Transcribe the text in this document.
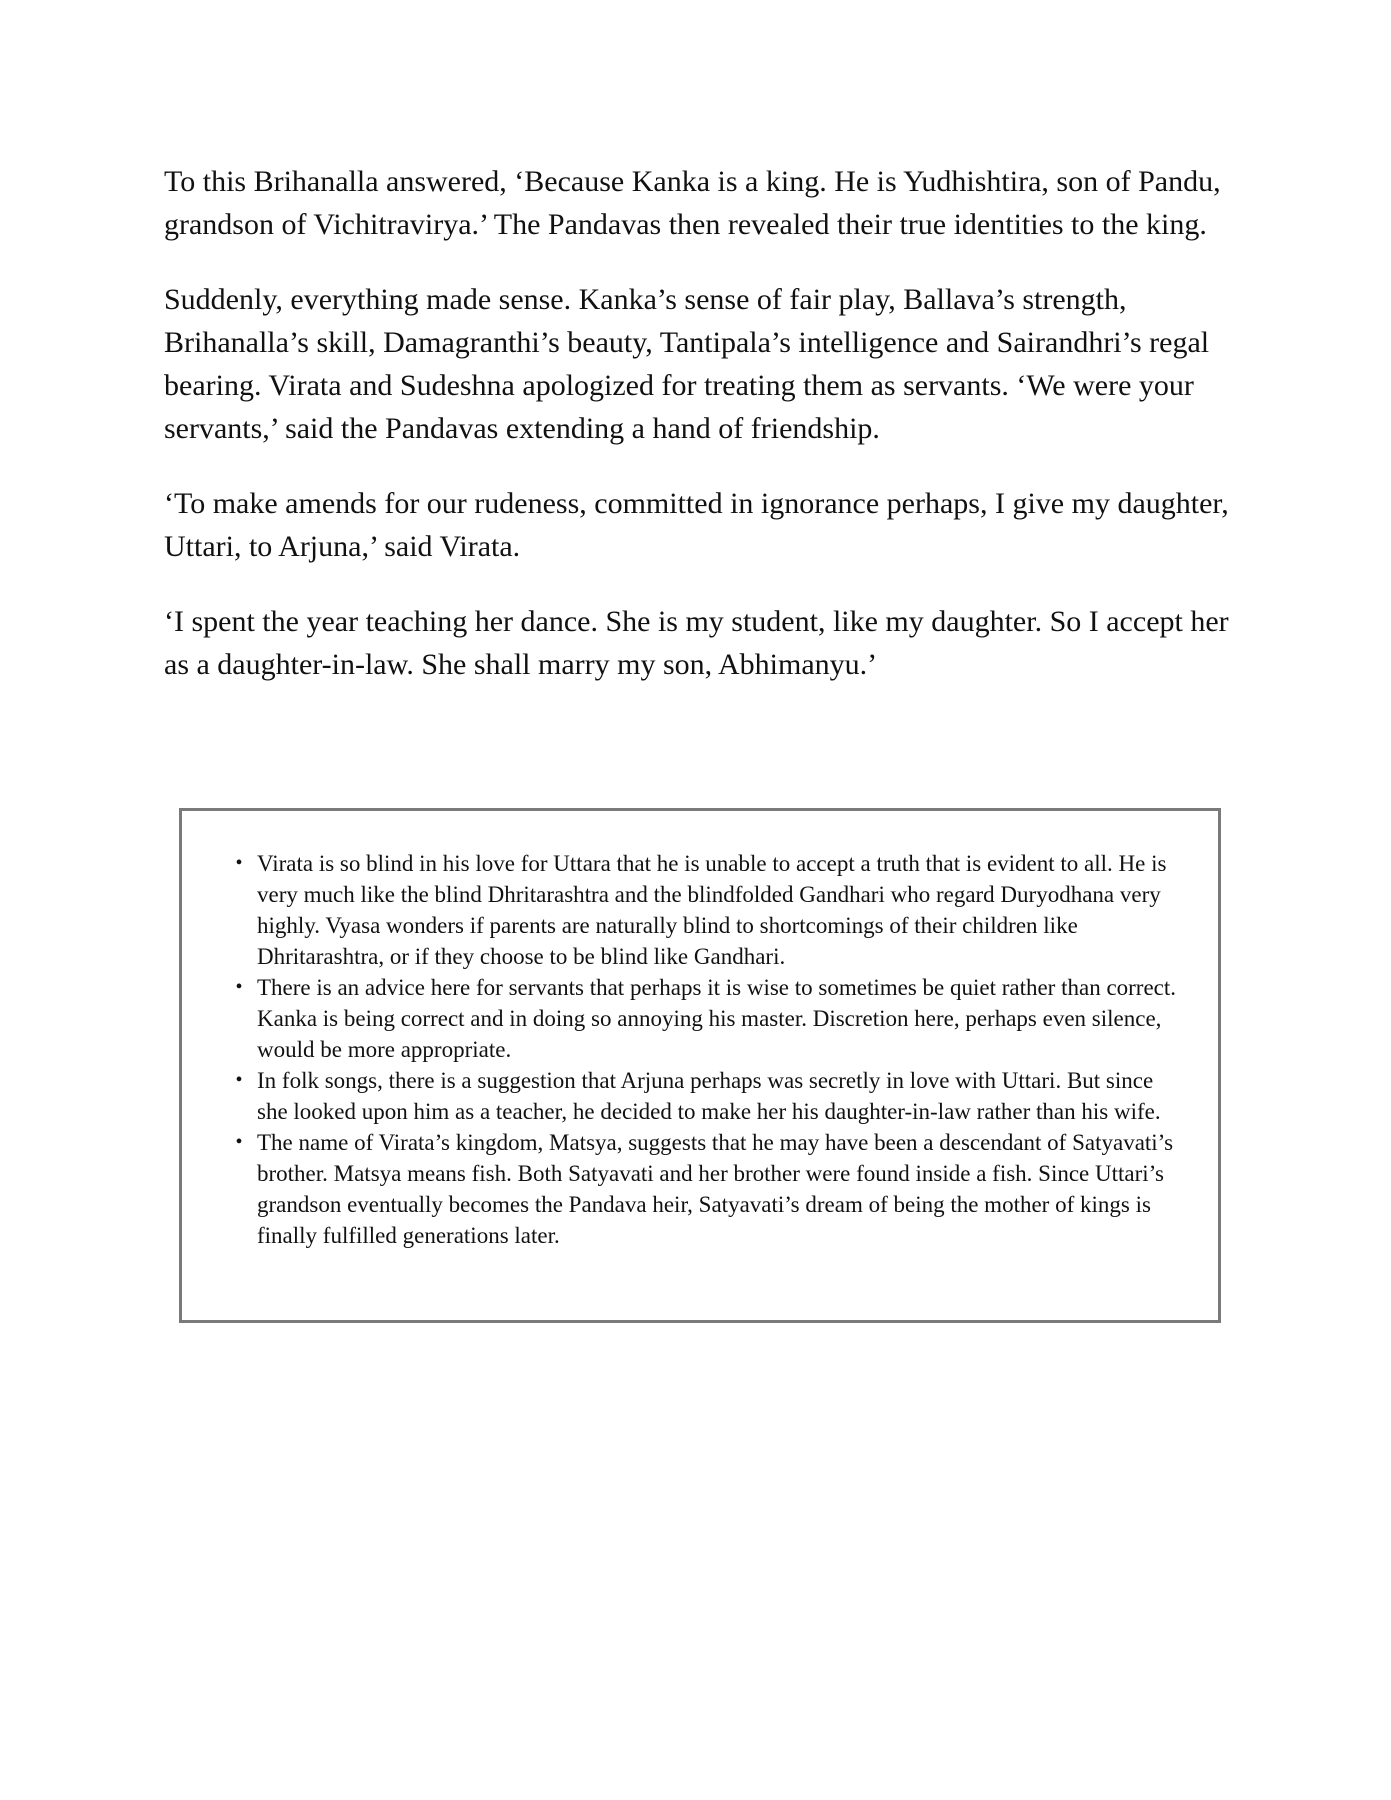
To this Brihanalla answered, ‘Because Kanka is a king. He is Yudhishtira, son of Pandu, grandson of Vichitravirya.’ The Pandavas then revealed their true identities to the king.

Suddenly, everything made sense. Kanka’s sense of fair play, Ballava’s strength, Brihanalla’s skill, Damagranthi’s beauty, Tantipala’s intelligence and Sairandhri’s regal bearing. Virata and Sudeshna apologized for treating them as servants. ‘We were your servants,’ said the Pandavas extending a hand of friendship.

‘To make amends for our rudeness, committed in ignorance perhaps, I give my daughter, Uttari, to Arjuna,’ said Virata.

‘I spent the year teaching her dance. She is my student, like my daughter. So I accept her as a daughter-in-law. She shall marry my son, Abhimanyu.’

• Virata is so blind in his love for Uttara that he is unable to accept a truth that is evident to all. He is very much like the blind Dhritarashtra and the blindfolded Gandhari who regard Duryodhana very highly. Vyasa wonders if parents are naturally blind to shortcomings of their children like Dhritarashtra, or if they choose to be blind like Gandhari.
• There is an advice here for servants that perhaps it is wise to sometimes be quiet rather than correct. Kanka is being correct and in doing so annoying his master. Discretion here, perhaps even silence, would be more appropriate.
• In folk songs, there is a suggestion that Arjuna perhaps was secretly in love with Uttari. But since she looked upon him as a teacher, he decided to make her his daughter-in-law rather than his wife.
• The name of Virata’s kingdom, Matsya, suggests that he may have been a descendant of Satyavati’s brother. Matsya means fish. Both Satyavati and her brother were found inside a fish. Since Uttari’s grandson eventually becomes the Pandava heir, Satyavati’s dream of being the mother of kings is finally fulfilled generations later.
